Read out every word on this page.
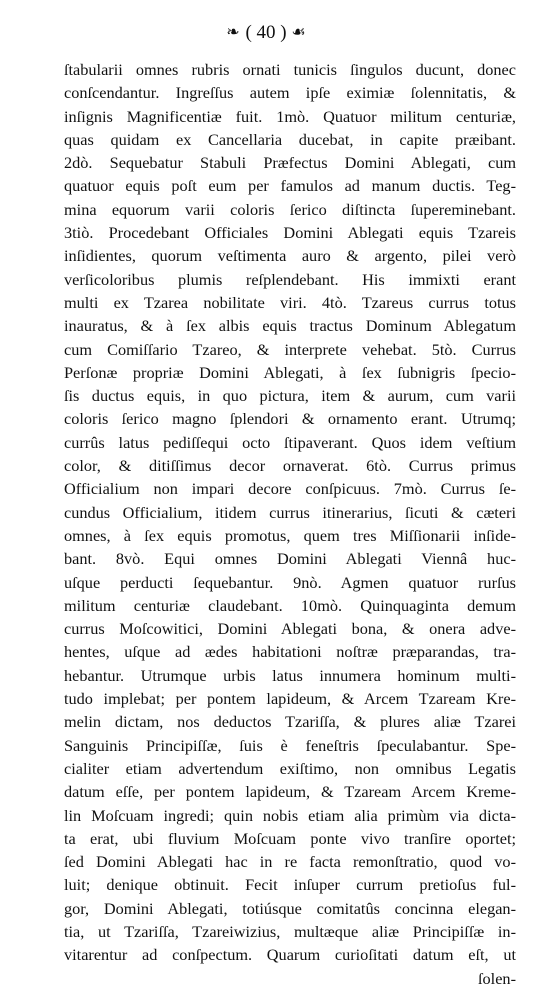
❧ ( 40 ) ☙
ſtabularii omnes rubris ornati tunicis ſingulos ducunt, donec
conſcendantur. Ingreſſus autem ipſe eximiæ ſolennitatis, &
inſignis Magnificentiæ fuit. 1mò. Quatuor militum centuriæ,
quas quidam ex Cancellaria ducebat, in capite præibant.
2dò. Sequebatur Stabuli Præfectus Domini Ablegati, cum
quatuor equis poſt eum per famulos ad manum ductis. Teg-
mina equorum varii coloris ſerico diſtincta ſupereminebant.
3tiò. Procedebant Officiales Domini Ablegati equis Tzareis
inſidientes, quorum veſtimenta auro & argento, pilei verò
verſicoloribus plumis reſplendebant. His immixti erant
multi ex Tzarea nobilitate viri. 4tò. Tzareus currus totus
inauratus, & à ſex albis equis tractus Dominum Ablegatum
cum Comiſſario Tzareo, & interprete vehebat. 5tò. Currus
Perſonæ propriæ Domini Ablegati, à ſex ſubnigris ſpecio-
ſis ductus equis, in quo pictura, item & aurum, cum varii
coloris ſerico magno ſplendori & ornamento erant. Utrumq;
currûs latus pediſſequi octo ſtipaverant. Quos idem veſtium
color, & ditiſſimus decor ornaverat. 6tò. Currus primus
Officialium non impari decore conſpicuus. 7mò. Currus ſe-
cundus Officialium, itidem currus itinerarius, ſicuti & cæteri
omnes, à ſex equis promotus, quem tres Miſſionarii inſide-
bant. 8vò. Equi omnes Domini Ablegati Viennâ huc-
uſque perducti ſequebantur. 9nò. Agmen quatuor rurſus
militum centuriæ claudebant. 10mò. Quinquaginta demum
currus Moſcowitici, Domini Ablegati bona, & onera adve-
hentes, uſque ad ædes habitationi noſtræ præparandas, tra-
hebantur. Utrumque urbis latus innumera hominum multi-
tudo implebat; per pontem lapideum, & Arcem Tzaream Kre-
melin dictam, nos deductos Tzariſſa, & plures aliæ Tzarei
Sanguinis Principiſſæ, ſuis è feneſtris ſpeculabantur. Spe-
cialiter etiam advertendum exiſtimo, non omnibus Legatis
datum eſſe, per pontem lapideum, & Tzaream Arcem Kreme-
lin Moſcuam ingredi; quin nobis etiam alia primùm via dicta-
ta erat, ubi fluvium Moſcuam ponte vivo tranſire oportet;
ſed Domini Ablegati hac in re facta remonſtratio, quod vo-
luit; denique obtinuit. Fecit inſuper currum pretioſus ful-
gor, Domini Ablegati, totiúsque comitatûs concinna elegan-
tia, ut Tzariſſa, Tzareiwizius, multæque aliæ Principiſſæ in-
vitarentur ad conſpectum. Quarum curioſitati datum eſt, ut
ſolen-
